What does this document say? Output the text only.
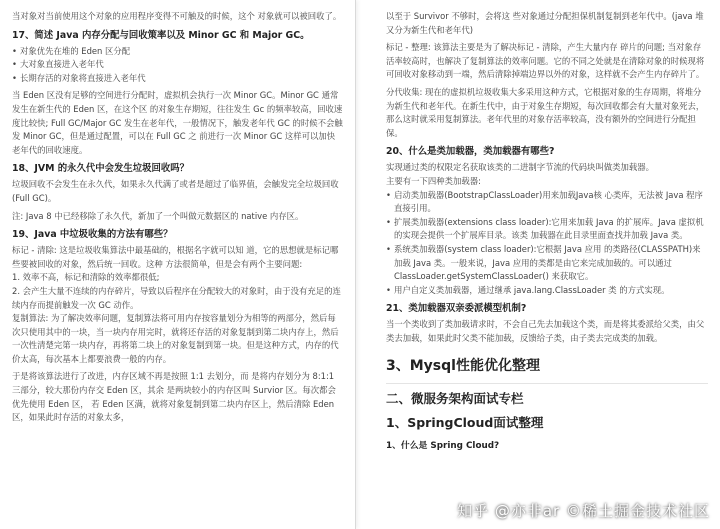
当对象对当前使用这个对象的应用程序变得不可触及的时候，这个 对象就可以被回收了。

17、简述 Java 内存分配与回收策率以及 Minor GC 和 Major GC。
• 对象优先在堆的 Eden 区分配
• 大对象直接进入老年代
• 长期存活的对象将直接进入老年代

当 Eden 区没有足够的空间进行分配时，虚拟机会执行一次 Minor GC。Minor GC 通常发生在新生代的 Eden 区，在这个区 的对象生存期短，往往发生 Gc 的频率较高，回收速度比较快; Full GC/Major GC 发生在老年代，一般情况下，触发老年代 GC 的时候不会触发 Minor GC，但是通过配置，可以在 Full GC 之 前进行一次 Minor GC 这样可以加快老年代的回收速度。

18、JVM 的永久代中会发生垃圾回收吗？

垃圾回收不会发生在永久代，如果永久代满了或者是超过了临界值，会触发完全垃圾回收(Full GC)。

注: Java 8 中已经移除了永久代，新加了一个叫做元数据区的 native 内存区。

19、Java 中垃圾收集的方法有哪些？

标记 - 清除: 这是垃圾收集算法中最基础的，根据名字就可以知 道，它的思想就是标记哪些要被回收的对象，然后统一回收。这种 方法很简单，但是会有两个主要问题:

1. 效率不高，标记和清除的效率都很低;

2. 会产生大量不连续的内存碎片，导致以后程序在分配较大的对象时，由于没有充足的连续内存而提前触发一次 GC 动作。

复制算法: 为了解决效率问题，复制算法将可用内存按容量划分为相等的两部分，然后每次只使用其中的一块，当一块内存用完时，就将还存活的对象复制到第二块内存上，然后一次性清楚完第一块内存，再将第二块上的对象复制到第一块。但是这种方式，内存的代价太高，每次基本上都要浪费一般的内存。

于是将该算法进行了改进，内存区域不再是按照 1:1 去划分，而 是将内存划分为 8:1:1 三部分，较大那份内存交 Eden 区，其余 是两块较小的内存区叫 Survior 区。每次都会优先使用 Eden 区， 若 Eden 区满，就将对象复制到第二块内存区上，然后清除 Eden 区，如果此时存活的对象太多，

以至于 Survivor 不够时，会将这 些对象通过分配担保机制复制到老年代中。(java 堆又分为新生代和老年代)

标记 - 整理: 该算法主要是为了解决标记 - 清除，产生大量内存 碎片的问题; 当对象存活率较高时，也解决了复制算法的效率问题。它的不同之处就是在清除对象的时候现将可回收对象移动到一端，然后清除掉端边界以外的对象，这样就不会产生内存碎片了。

分代收集: 现在的虚拟机垃圾收集大多采用这种方式，它根据对象的生存周期，将堆分为新生代和老年代。在新生代中，由于对象生存期短，每次回收都会有大量对象死去，那么这时就采用复制算法。老年代里的对象存活率较高，没有额外的空间进行分配担保。

20、什么是类加载器，类加载器有哪些?

实现通过类的权限定名获取该类的二进制字节流的代码块叫做类加载器。

主要有一下四种类加载器:

• 启动类加载器(BootstrapClassLoader)用来加载Java核 心类库，无法被 Java 程序直接引用。
• 扩展类加载器(extensions class loader):它用来加载 Java 的扩展库。Java 虚拟机的实现会提供一个扩展库目录。该类 加载器在此目录里面查找并加载 Java 类。
• 系统类加载器(system class loader):它根据 Java 应用 的类路径(CLASSPATH)来加载 Java 类。一般来说，Java 应用的类都是由它来完成加载的。可以通过 ClassLoader.getSystemClassLoader() 来获取它。
• 用户自定义类加载器，通过继承 java.lang.ClassLoader 类 的方式实现。
21、类加载器双亲委派模型机制?

当一个类收到了类加载请求时，不会自己先去加载这个类，而是将其委派给父类，由父类去加载，如果此时父类不能加载，反馈给子类，由子类去完成类的加载。

3、Mysql性能优化整理
二、微服务架构面试专栏
1、SpringCloud面试整理
1、什么是 Spring Cloud?
知乎 @亦非ar ©稀土掘金技术社区
